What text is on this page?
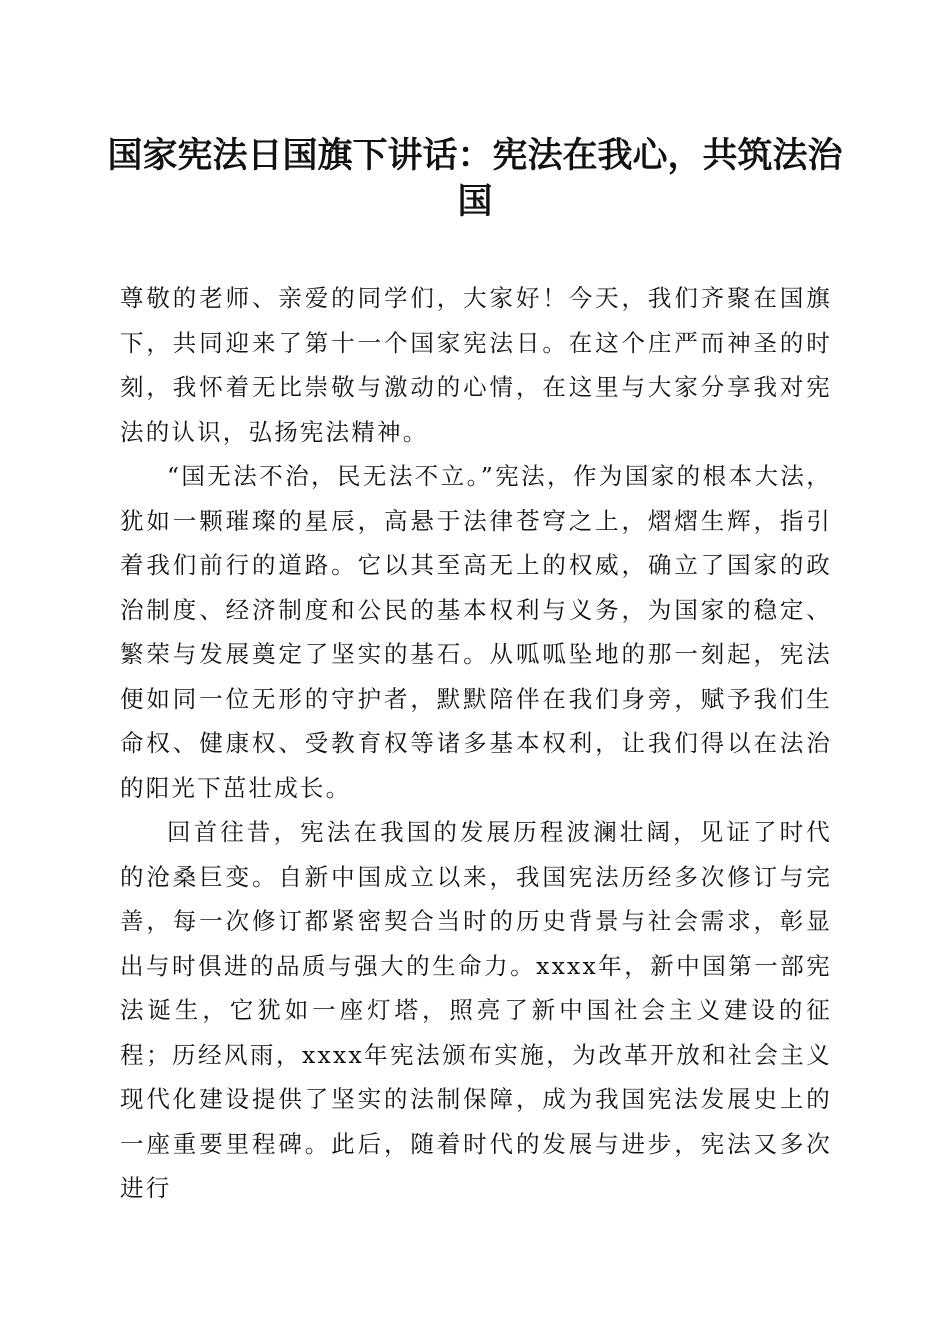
国家宪法日国旗下讲话：宪法在我心，共筑法治国

尊敬的老师、亲爱的同学们，大家好！今天，我们齐聚在国旗下，共同迎来了第十一个国家宪法日。在这个庄严而神圣的时刻，我怀着无比崇敬与激动的心情，在这里与大家分享我对宪法的认识，弘扬宪法精神。

“国无法不治，民无法不立。”宪法，作为国家的根本大法，犹如一颗璀璨的星辰，高悬于法律苍穹之上，熠熠生辉，指引着我们前行的道路。它以其至高无上的权威，确立了国家的政治制度、经济制度和公民的基本权利与义务，为国家的稳定、繁荣与发展奠定了坚实的基石。从呱呱坠地的那一刻起，宪法便如同一位无形的守护者，默默陪伴在我们身旁，赋予我们生命权、健康权、受教育权等诸多基本权利，让我们得以在法治的阳光下茁壮成长。

回首往昔，宪法在我国的发展历程波澜壮阔，见证了时代的沧桑巨变。自新中国成立以来，我国宪法历经多次修订与完善，每一次修订都紧密契合当时的历史背景与社会需求，彰显出与时俱进的品质与强大的生命力。xxxx年，新中国第一部宪法诞生，它犹如一座灯塔，照亮了新中国社会主义建设的征程；历经风雨，xxxx年宪法颁布实施，为改革开放和社会主义现代化建设提供了坚实的法制保障，成为我国宪法发展史上的一座重要里程碑。此后，随着时代的发展与进步，宪法又多次进行
